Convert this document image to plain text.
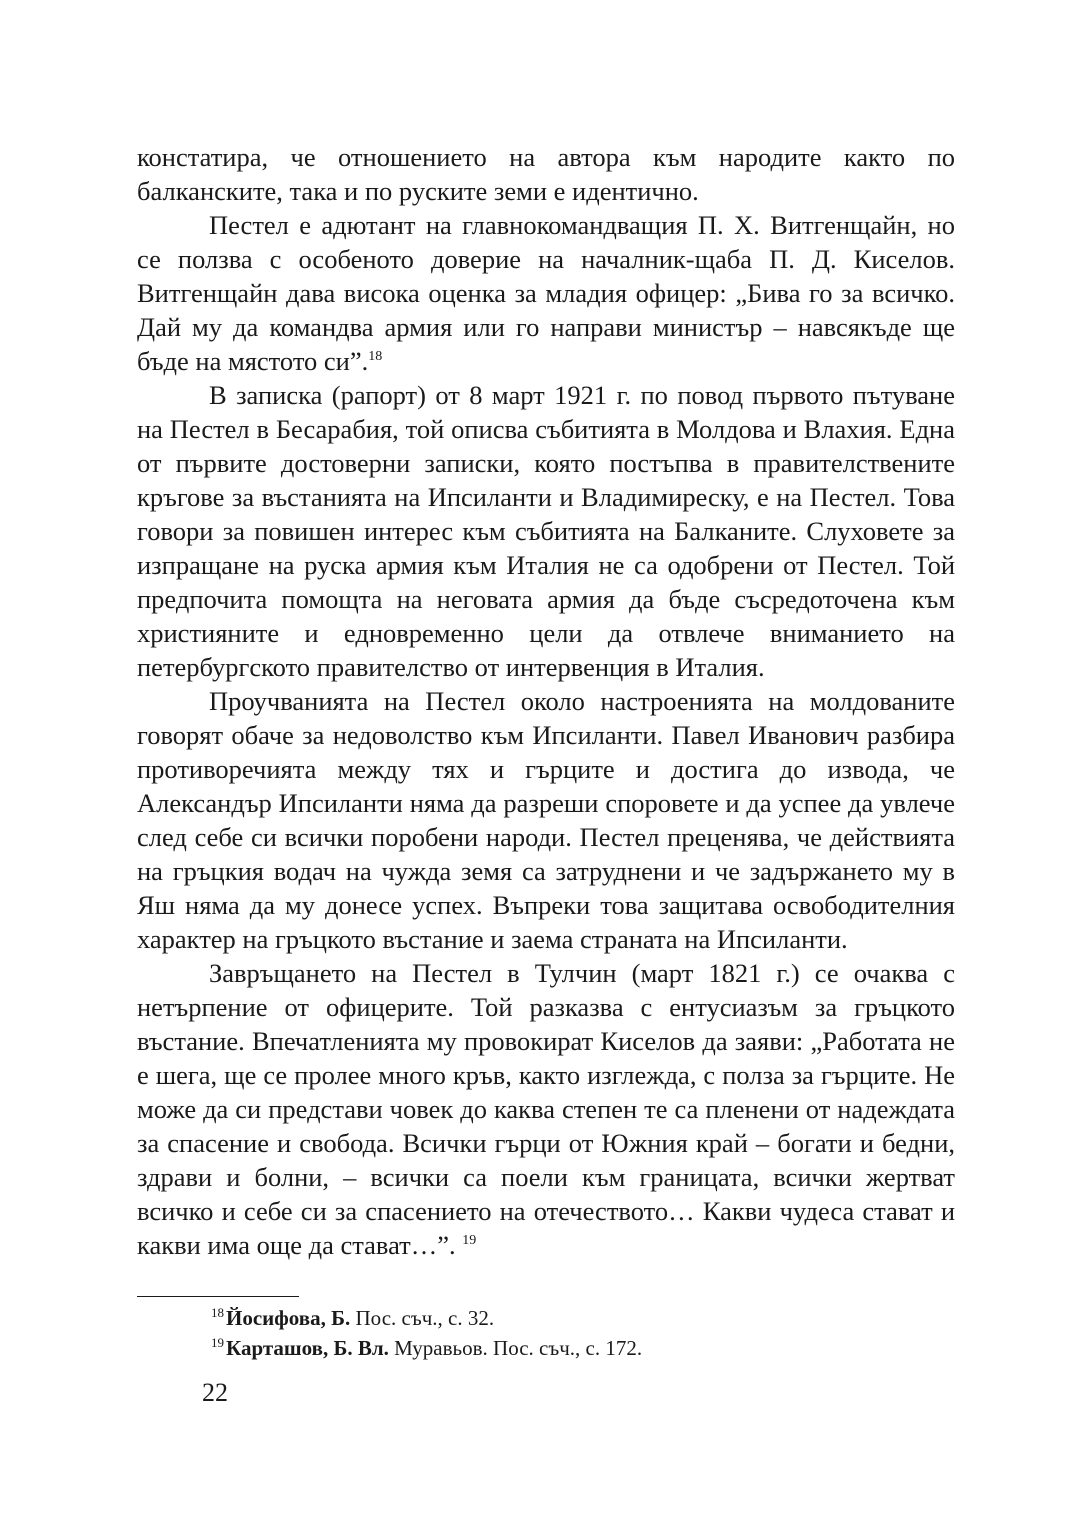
констатира, че отношението на автора към народите както по балканските, така и по руските земи е идентично.

Пестел е адютант на главнокомандващия П. Х. Витгенщайн, но се ползва с особеното доверие на началник-щаба П. Д. Киселов. Витгенщайн дава висока оценка за младия офицер: „Бива го за всичко. Дай му да командва армия или го направи министър – навсякъде ще бъде на мястото си”.$^{18}$

В записка (рапорт) от 8 март 1921 г. по повод първото пътуване на Пестел в Бесарабия, той описва събитията в Молдова и Влахия. Една от първите достоверни записки, която постъпва в правителствените кръгове за въстанията на Ипсиланти и Владимиреску, е на Пестел. Това говори за повишен интерес към събитията на Балканите. Слуховете за изпращане на руска армия към Италия не са одобрени от Пестел. Той предпочита помощта на неговата армия да бъде съсредоточена към християните и едновременно цели да отвлече вниманието на петербургското правителство от интервенция в Италия.

Проучванията на Пестел около настроенията на молдованите говорят обаче за недоволство към Ипсиланти. Павел Иванович разбира противоречията между тях и гърците и достига до извода, че Александър Ипсиланти няма да разреши споровете и да успее да увлече след себе си всички поробени народи. Пестел преценява, че действията на гръцкия водач на чужда земя са затруднени и че задържането му в Яш няма да му донесе успех. Въпреки това защитава освободителния характер на гръцкото въстание и заема страната на Ипсиланти.

Завръщането на Пестел в Тулчин (март 1821 г.) се очаква с нетърпение от офицерите. Той разказва с ентусиазъм за гръцкото въстание. Впечатленията му провокират Киселов да заяви: „Работата не е шега, ще се пролее много кръв, както изглежда, с полза за гърците. Не може да си представи човек до каква степен те са пленени от надеждата за спасение и свобода. Всички гърци от Южния край – богати и бедни, здрави и болни, – всички са поели към границата, всички жертват всичко и себе си за спасението на отечеството… Какви чудеса стават и какви има още да стават…”. $^{19}$

$^{18}$Йосифова, Б. Пос. съч., с. 32.
$^{19}$Карташов, Б. Вл. Муравьов. Пос. съч., с. 172.
22
